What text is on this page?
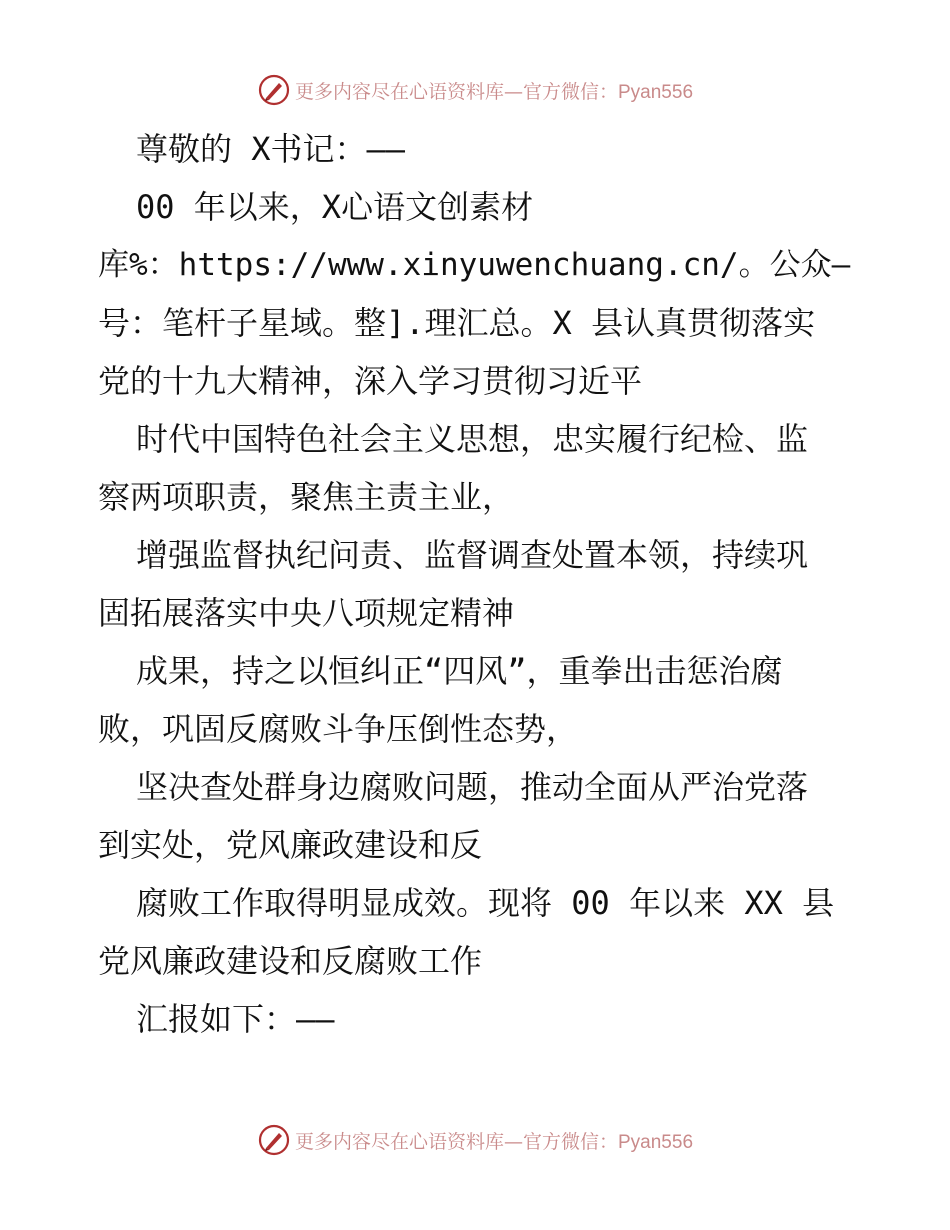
更多内容尽在心语资料库—官方微信：Pyan556
尊敬的 X书记：——
00 年以来，X心语文创素材
库%：https://www.xinyuwenchuang.cn/。公众—
号：笔杆子星域。整].理汇总。X 县认真贯彻落实
党的十九大精神，深入学习贯彻习近平
时代中国特色社会主义思想，忠实履行纪检、监
察两项职责，聚焦主责主业，
增强监督执纪问责、监督调查处置本领，持续巩
固拓展落实中央八项规定精神
成果，持之以恒纠正“四风”，重拳出击惩治腐
败，巩固反腐败斗争压倒性态势，
坚决查处群身边腐败问题，推动全面从严治党落
到实处，党风廉政建设和反
腐败工作取得明显成效。现将 00 年以来 XX 县
党风廉政建设和反腐败工作
汇报如下：——
更多内容尽在心语资料库—官方微信：Pyan556
